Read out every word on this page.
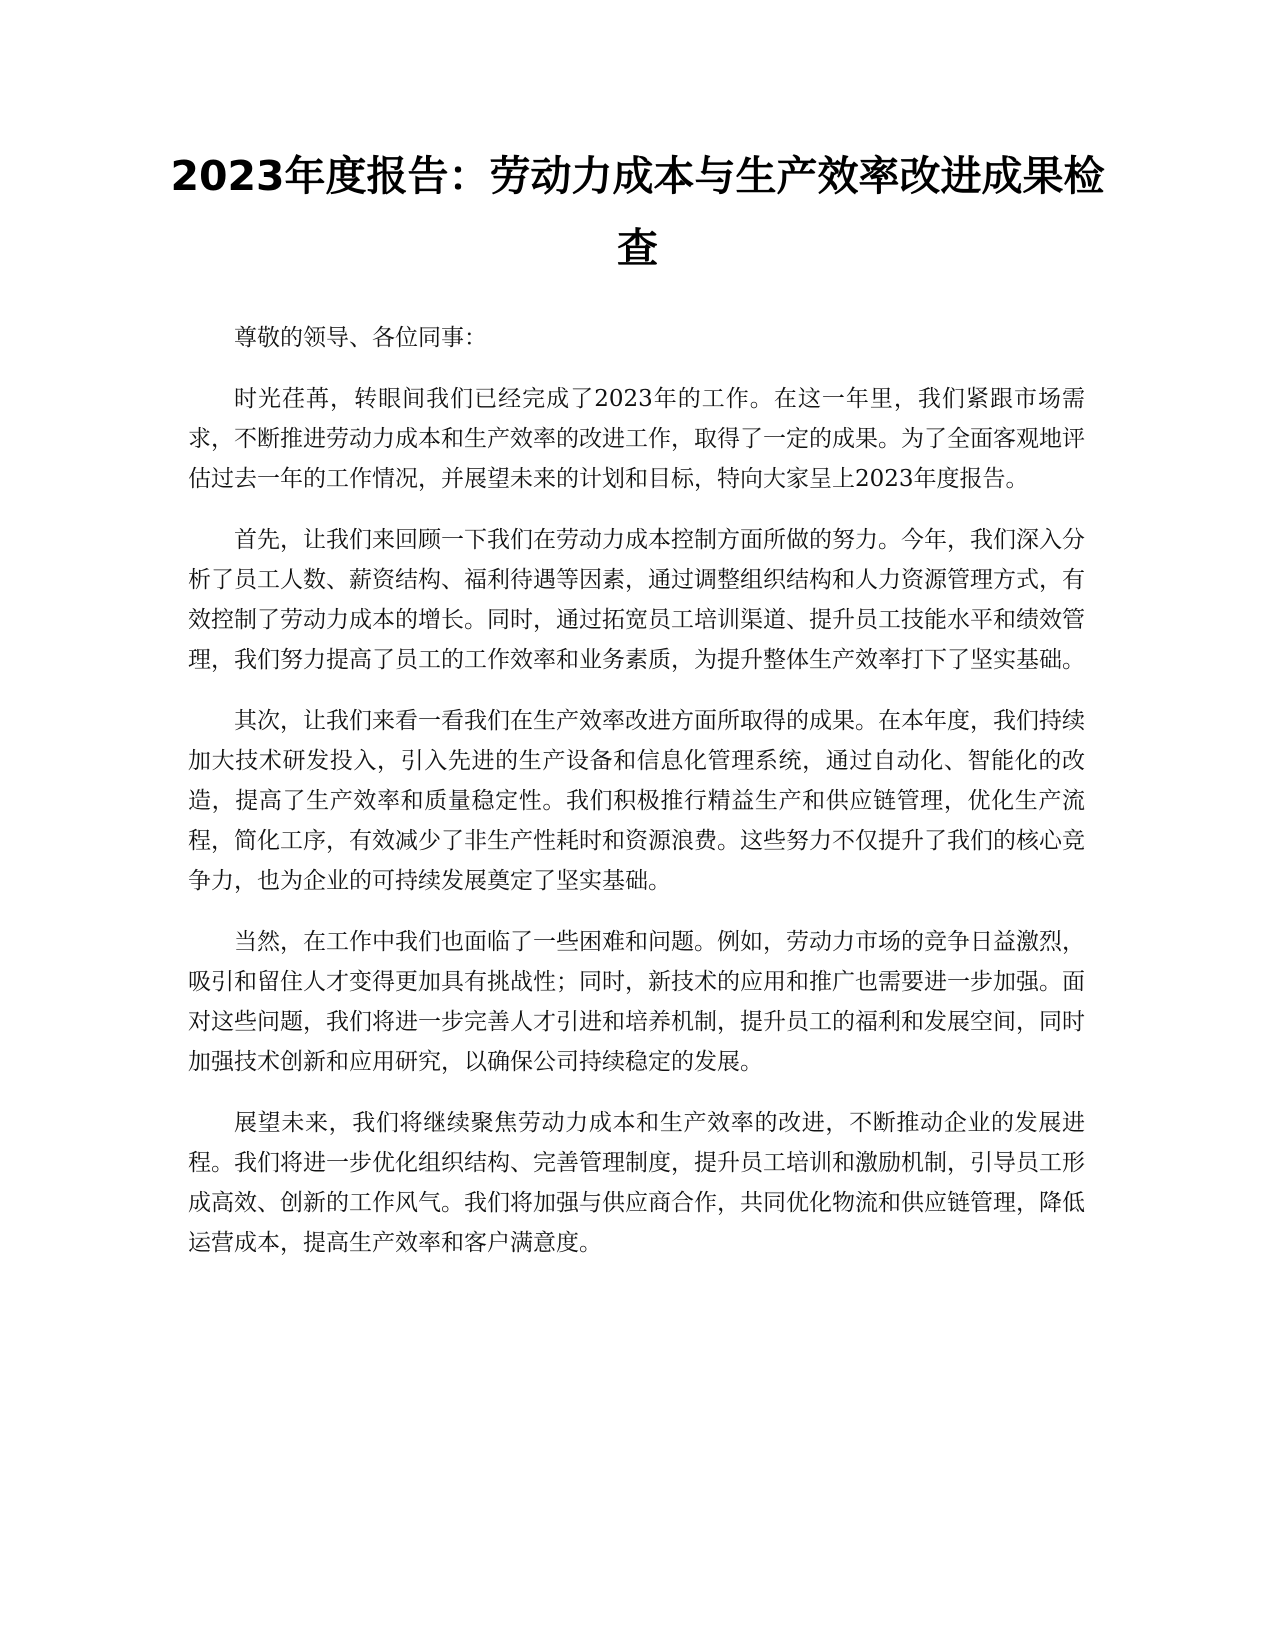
2023年度报告：劳动力成本与生产效率改进成果检查

尊敬的领导、各位同事：

时光荏苒，转眼间我们已经完成了2023年的工作。在这一年里，我们紧跟市场需求，不断推进劳动力成本和生产效率的改进工作，取得了一定的成果。为了全面客观地评估过去一年的工作情况，并展望未来的计划和目标，特向大家呈上2023年度报告。

首先，让我们来回顾一下我们在劳动力成本控制方面所做的努力。今年，我们深入分析了员工人数、薪资结构、福利待遇等因素，通过调整组织结构和人力资源管理方式，有效控制了劳动力成本的增长。同时，通过拓宽员工培训渠道、提升员工技能水平和绩效管理，我们努力提高了员工的工作效率和业务素质，为提升整体生产效率打下了坚实基础。

其次，让我们来看一看我们在生产效率改进方面所取得的成果。在本年度，我们持续加大技术研发投入，引入先进的生产设备和信息化管理系统，通过自动化、智能化的改造，提高了生产效率和质量稳定性。我们积极推行精益生产和供应链管理，优化生产流程，简化工序，有效减少了非生产性耗时和资源浪费。这些努力不仅提升了我们的核心竞争力，也为企业的可持续发展奠定了坚实基础。

当然，在工作中我们也面临了一些困难和问题。例如，劳动力市场的竞争日益激烈，吸引和留住人才变得更加具有挑战性；同时，新技术的应用和推广也需要进一步加强。面对这些问题，我们将进一步完善人才引进和培养机制，提升员工的福利和发展空间，同时加强技术创新和应用研究，以确保公司持续稳定的发展。

展望未来，我们将继续聚焦劳动力成本和生产效率的改进，不断推动企业的发展进程。我们将进一步优化组织结构、完善管理制度，提升员工培训和激励机制，引导员工形成高效、创新的工作风气。我们将加强与供应商合作，共同优化物流和供应链管理，降低运营成本，提高生产效率和客户满意度。
